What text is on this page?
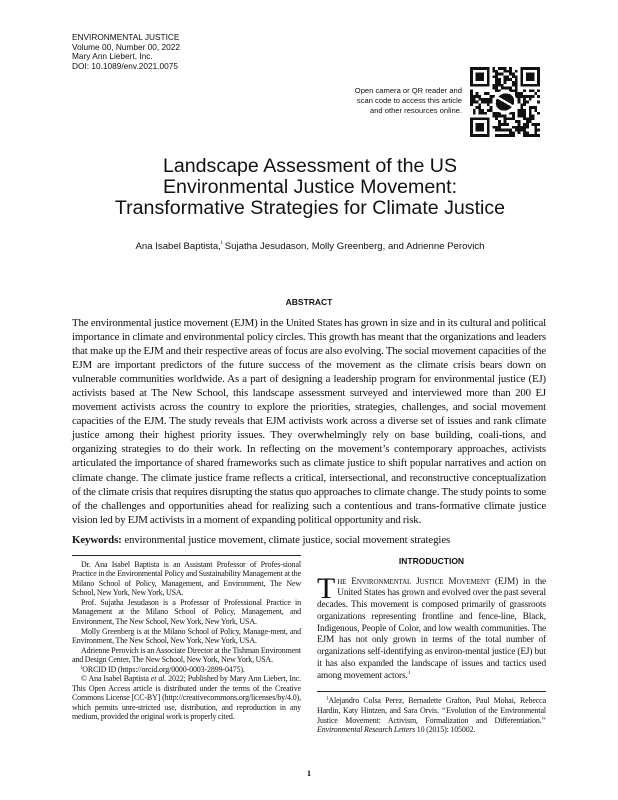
ENVIRONMENTAL JUSTICE
Volume 00, Number 00, 2022
Mary Ann Liebert, Inc.
DOI: 10.1089/env.2021.0075
Open camera or QR reader and
scan code to access this article
and other resources online.
Landscape Assessment of the US
Environmental Justice Movement:
Transformative Strategies for Climate Justice
Ana Isabel Baptista,$^i$ Sujatha Jesudason, Molly Greenberg, and Adrienne Perovich
ABSTRACT

The environmental justice movement (EJM) in the United States has grown in size and in its cultural and political importance in climate and environmental policy circles. This growth has meant that the organizations and leaders that make up the EJM and their respective areas of focus are also evolving. The social movement capacities of the EJM are important predictors of the future success of the movement as the climate crisis bears down on vulnerable communities worldwide. As a part of designing a leadership program for environmental justice (EJ) activists based at The New School, this landscape assessment surveyed and interviewed more than 200 EJ movement activists across the country to explore the priorities, strategies, challenges, and social movement capacities of the EJM. The study reveals that EJM activists work across a diverse set of issues and rank climate justice among their highest priority issues. They overwhelmingly rely on base building, coali-tions, and organizing strategies to do their work. In reflecting on the movement’s contemporary approaches, activists articulated the importance of shared frameworks such as climate justice to shift popular narratives and action on climate change. The climate justice frame reflects a critical, intersectional, and reconstructive conceptualization of the climate crisis that requires disrupting the status quo approaches to climate change. The study points to some of the challenges and opportunities ahead for realizing such a contentious and trans-formative climate justice vision led by EJM activists in a moment of expanding political opportunity and risk.

Keywords: environmental justice movement, climate justice, social movement strategies

Dr. Ana Isabel Baptista is an Assistant Professor of Profes-sional Practice in the Environmental Policy and Sustainability Management at the Milano School of Policy, Management, and Environment, The New School, New York, New York, USA.

Prof. Sujatha Jesudason is a Professor of Professional Practice in Management at the Milano School of Policy, Management, and Environment, The New School, New York, New York, USA.

Molly Greenberg is at the Milano School of Policy, Manage-ment, and Environment, The New School, New York, New York, USA.

Adrienne Perovich is an Associate Director at the Tishman Environment and Design Center, The New School, New York, New York, USA.

$^i$ORCID ID (https://orcid.org/0000-0003-2899-0475).

© Ana Isabel Baptista et al. 2022; Published by Mary Ann Liebert, Inc. This Open Access article is distributed under the terms of the Creative Commons License [CC-BY] (http://creativecommons.org/licenses/by/4.0), which permits unre-stricted use, distribution, and reproduction in any medium, provided the original work is properly cited.

INTRODUCTION

The Environmental Justice Movement (EJM) in the United States has grown and evolved over the past several decades. This movement is composed primarily of grassroots organizations representing frontline and fence-line, Black, Indigenous, People of Color, and low wealth communities. The EJM has not only grown in terms of the total number of organizations self-identifying as environ-mental justice (EJ) but it has also expanded the landscape of issues and tactics used among movement actors.$^1$

$^1$Alejandro Colsa Perez, Bernadette Grafton, Paul Mohai, Rebecca Hardin, Katy Hintzen, and Sara Orvis. ‘‘Evolution of the Environmental Justice Movement: Activism, Formalization and Differentiation.’’ Environmental Research Letters 10 (2015): 105002.

1
